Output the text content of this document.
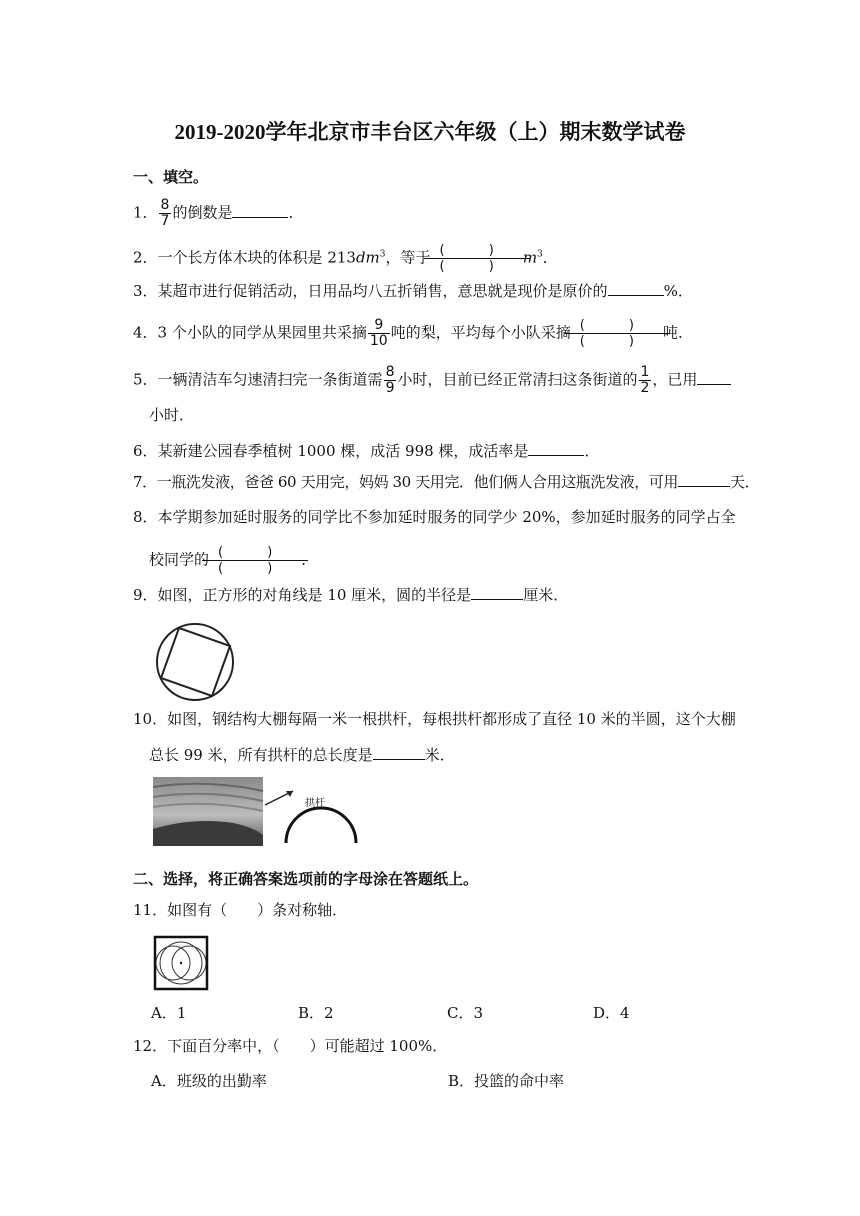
2019-2020学年北京市丰台区六年级（上）期末数学试卷
一、填空。
1． $\frac{8}{7}$ 的倒数是	．
2．一个长方体木块的体积是 $213dm^3$，等于 ( )
( ) $m^3$．
3．某超市进行促销活动，日用品均八五折销售，意思就是现价是原价的	%．
4．3 个小队的同学从果园里共采摘 $\frac{9}{10}$ 吨的梨，平均每个小队采摘 ( )
( ) 吨．
5．一辆清洁车匀速清扫完一条街道需 $\frac{8}{9}$ 小时，目前已经正常清扫这条街道的 $\frac{1}{2}$ ，已用
小时．
6．某新建公园春季植树 1000 棵，成活 998 棵，成活率是	．
7．一瓶洗发液，爸爸 60 天用完，妈妈 30 天用完．他们俩人合用这瓶洗发液，可用	天．
8．本学期参加延时服务的同学比不参加延时服务的同学少 20%，参加延时服务的同学占全
校同学的 ( )
( ) ．
9．如图，正方形的对角线是 10 厘米，圆的半径是	厘米．
10．如图，钢结构大棚每隔一米一根拱杆，每根拱杆都形成了直径 10 米的半圆，这个大棚
总长 99 米，所有拱杆的总长度是	米．
拱杆
二、选择，将正确答案选项前的字母涂在答题纸上。
11．如图有（　　）条对称轴．
A．1	B．2	C．3	D．4
12．下面百分率中，（　　）可能超过 100%．
A．班级的出勤率	B．投篮的命中率
